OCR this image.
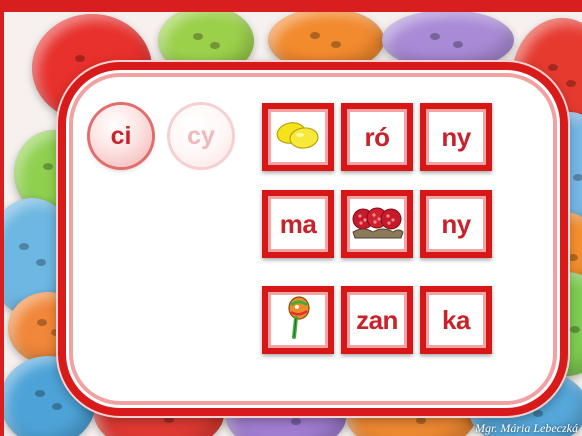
ci cy	ró ny
ma	ny
zan ka
Mgr. Mária Lebeczká
